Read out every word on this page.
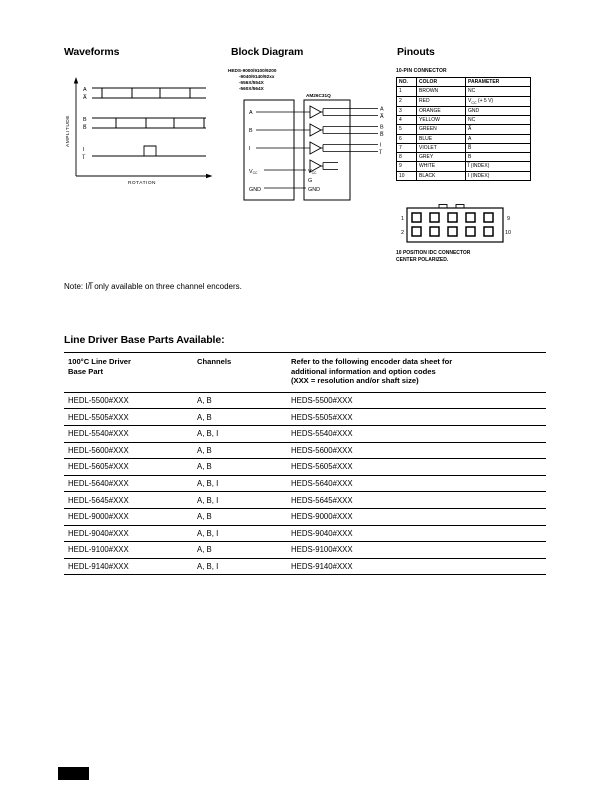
Waveforms	Block Diagram	Pinouts
AMPLITUDE
ROTATION
A
A̅
B
B̅
I
I̅
HEDS-9000/9100/9200
-9040/9140/92xx
-556X/554X
-560X/564X
AM26C31Q
A
B
I
A
A̅
B
B̅
I
I̅
$V_{CC}$	$V_{CC}$
G
GND	GND
10-PIN CONNECTOR
NO.	COLOR	PARAMETER
1	BROWN	NC
2	RED	$V_{CC}$ (+ 5 V)
3	ORANGE	GND
4	YELLOW	NC
5	GREEN	A̅
6	BLUE	A
7	VIOLET	B̅
8	GREY	B
9	WHITE	I̅ (INDEX)
10	BLACK	I (INDEX)
1	9
2	10
10 POSITION IDC CONNECTOR
CENTER POLARIZED.
Note: I/I̅ only available on three channel encoders.
Line Driver Base Parts Available:
100°C Line Driver
Base Part
Channels	Refer to the following encoder data sheet for
additional information and option codes
(XXX = resolution and/or shaft size)
HEDL-5500#XXX	A, B	HEDS-5500#XXX
HEDL-5505#XXX	A, B	HEDS-5505#XXX
HEDL-5540#XXX	A, B, I	HEDS-5540#XXX
HEDL-5600#XXX	A, B	HEDS-5600#XXX
HEDL-5605#XXX	A, B	HEDS-5605#XXX
HEDL-5640#XXX	A, B, I	HEDS-5640#XXX
HEDL-5645#XXX	A, B, I	HEDS-5645#XXX
HEDL-9000#XXX	A, B	HEDS-9000#XXX
HEDL-9040#XXX	A, B, I	HEDS-9040#XXX
HEDL-9100#XXX	A, B	HEDS-9100#XXX
HEDL-9140#XXX	A, B, I	HEDS-9140#XXX
